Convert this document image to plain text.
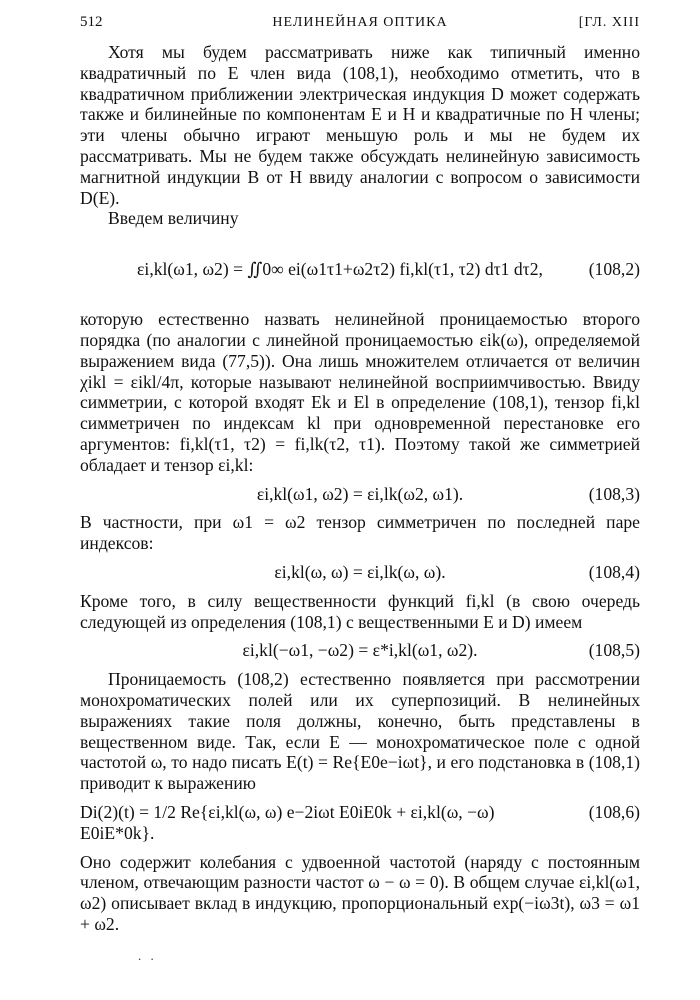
512	НЕЛИНЕЙНАЯ ОПТИКА	[ГЛ. XIII

Хотя мы будем рассматривать ниже как типичный именно квадратичный по E член вида (108,1), необходимо отметить, что в квадратичном приближении электрическая индукция D может содержать также и билинейные по компонентам E и H и квадратичные по H члены; эти члены обычно играют меньшую роль и мы не будем их рассматривать. Мы не будем также обсуждать нелинейную зависимость магнитной индукции B от H ввиду аналогии с вопросом о зависимости D(E).

Введем величину

εi,kl(ω1, ω2) = ∬0∞ ei(ω1τ1+ω2τ2) fi,kl(τ1, τ2) dτ1 dτ2,	(108,2)

которую естественно назвать нелинейной проницаемостью второго порядка (по аналогии с линейной проницаемостью εik(ω), определяемой выражением вида (77,5)). Она лишь множителем отличается от величин χikl = εikl/4π, которые называют нелинейной восприимчивостью. Ввиду симметрии, с которой входят Ek и El в определение (108,1), тензор fi,kl симметричен по индексам kl при одновременной перестановке его аргументов: fi,kl(τ1, τ2) = fi,lk(τ2, τ1). Поэтому такой же симметрией обладает и тензор εi,kl:

εi,kl(ω1, ω2) = εi,lk(ω2, ω1).	(108,3)

В частности, при ω1 = ω2 тензор симметричен по последней паре индексов:

εi,kl(ω, ω) = εi,lk(ω, ω).	(108,4)

Кроме того, в силу вещественности функций fi,kl (в свою очередь следующей из определения (108,1) с вещественными E и D) имеем

εi,kl(−ω1, −ω2) = ε*i,kl(ω1, ω2).	(108,5)

Проницаемость (108,2) естественно появляется при рассмотрении монохроматических полей или их суперпозиций. В нелинейных выражениях такие поля должны, конечно, быть представлены в вещественном виде. Так, если E — монохроматическое поле с одной частотой ω, то надо писать E(t) = Re{E0e−iωt}, и его подстановка в (108,1) приводит к выражению

Di(2)(t) = 1/2 Re{εi,kl(ω, ω) e−2iωt E0iE0k + εi,kl(ω, −ω) E0iE*0k}.
(108,6)

Оно содержит колебания с удвоенной частотой (наряду с постоянным членом, отвечающим разности частот ω − ω = 0). В общем случае εi,kl(ω1, ω2) описывает вклад в индукцию, пропорциональный exp(−iω3t), ω3 = ω1 + ω2.

. .
